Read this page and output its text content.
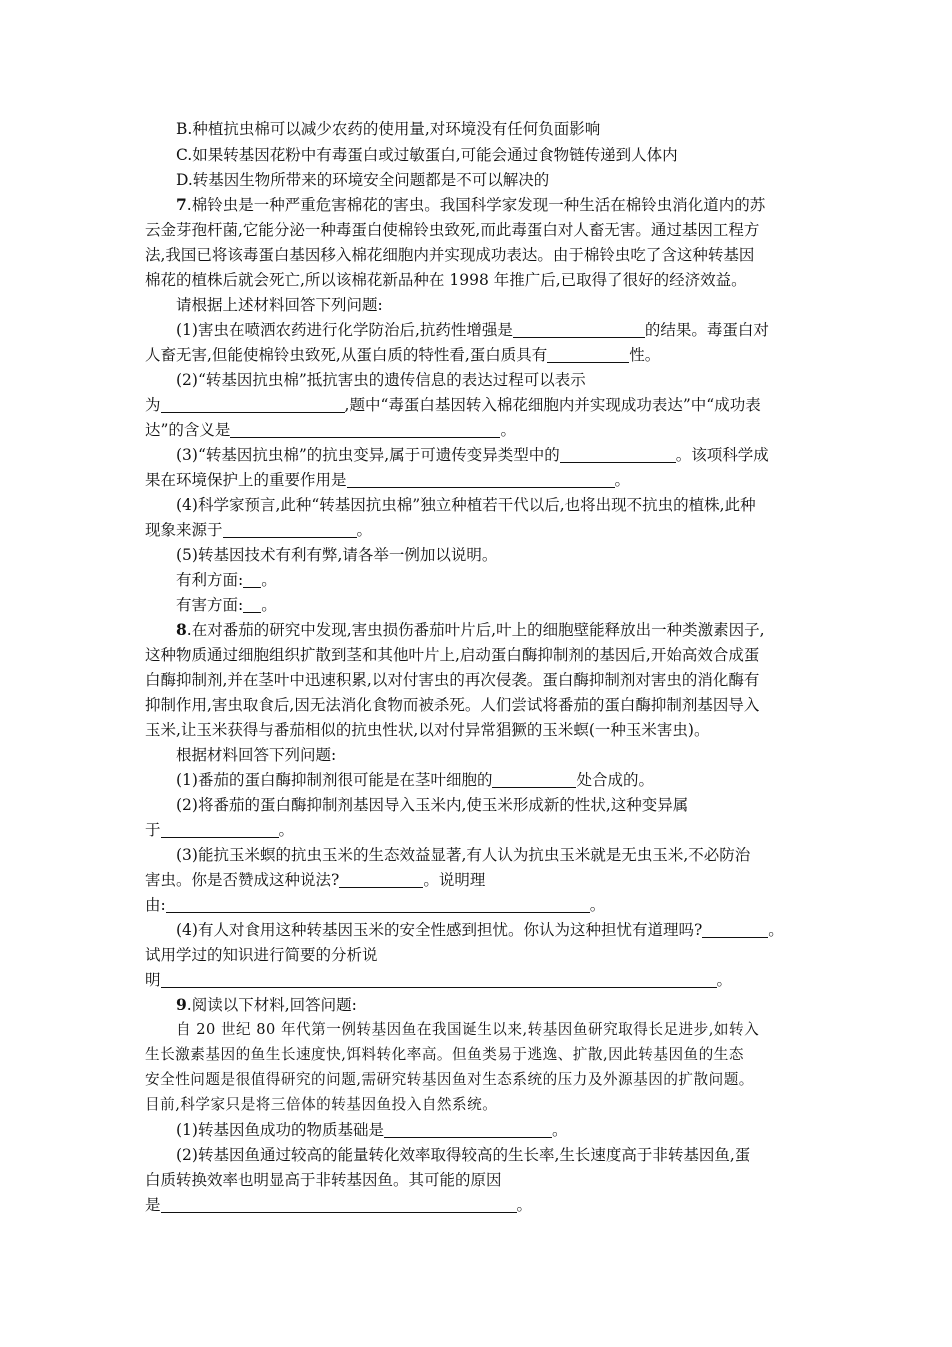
B.种植抗虫棉可以减少农药的使用量,对环境没有任何负面影响
C.如果转基因花粉中有毒蛋白或过敏蛋白,可能会通过食物链传递到人体内
D.转基因生物所带来的环境安全问题都是不可以解决的
7.棉铃虫是一种严重危害棉花的害虫。我国科学家发现一种生活在棉铃虫消化道内的苏
云金芽孢杆菌,它能分泌一种毒蛋白使棉铃虫致死,而此毒蛋白对人畜无害。通过基因工程方
法,我国已将该毒蛋白基因移入棉花细胞内并实现成功表达。由于棉铃虫吃了含这种转基因
棉花的植株后就会死亡,所以该棉花新品种在 1998 年推广后,已取得了很好的经济效益。
请根据上述材料回答下列问题:
(1)害虫在喷洒农药进行化学防治后,抗药性增强是	的结果。毒蛋白对
人畜无害,但能使棉铃虫致死,从蛋白质的特性看,蛋白质具有	性。
(2)“转基因抗虫棉”抵抗害虫的遗传信息的表达过程可以表示
为	,题中“毒蛋白基因转入棉花细胞内并实现成功表达”中“成功表
达”的含义是	。
(3)“转基因抗虫棉”的抗虫变异,属于可遗传变异类型中的	。该项科学成
果在环境保护上的重要作用是	。
(4)科学家预言,此种“转基因抗虫棉”独立种植若干代以后,也将出现不抗虫的植株,此种
现象来源于	。
(5)转基因技术有利有弊,请各举一例加以说明。
有利方面: 。
有害方面: 。
8.在对番茄的研究中发现,害虫损伤番茄叶片后,叶上的细胞壁能释放出一种类激素因子,
这种物质通过细胞组织扩散到茎和其他叶片上,启动蛋白酶抑制剂的基因后,开始高效合成蛋
白酶抑制剂,并在茎叶中迅速积累,以对付害虫的再次侵袭。蛋白酶抑制剂对害虫的消化酶有
抑制作用,害虫取食后,因无法消化食物而被杀死。人们尝试将番茄的蛋白酶抑制剂基因导入
玉米,让玉米获得与番茄相似的抗虫性状,以对付异常猖獗的玉米螟(一种玉米害虫)。
根据材料回答下列问题:
(1)番茄的蛋白酶抑制剂很可能是在茎叶细胞的	处合成的。
(2)将番茄的蛋白酶抑制剂基因导入玉米内,使玉米形成新的性状,这种变异属
于	。
(3)能抗玉米螟的抗虫玉米的生态效益显著,有人认为抗虫玉米就是无虫玉米,不必防治
害虫。你是否赞成这种说法?	。说明理
由:	。
(4)有人对食用这种转基因玉米的安全性感到担忧。你认为这种担忧有道理吗?	。
试用学过的知识进行简要的分析说
明	。
9.阅读以下材料,回答问题:
自 20 世纪 80 年代第一例转基因鱼在我国诞生以来,转基因鱼研究取得长足进步,如转入
生长激素基因的鱼生长速度快,饵料转化率高。但鱼类易于逃逸、扩散,因此转基因鱼的生态
安全性问题是很值得研究的问题,需研究转基因鱼对生态系统的压力及外源基因的扩散问题。
目前,科学家只是将三倍体的转基因鱼投入自然系统。
(1)转基因鱼成功的物质基础是	。
(2)转基因鱼通过较高的能量转化效率取得较高的生长率,生长速度高于非转基因鱼,蛋
白质转换效率也明显高于非转基因鱼。其可能的原因
是	。
